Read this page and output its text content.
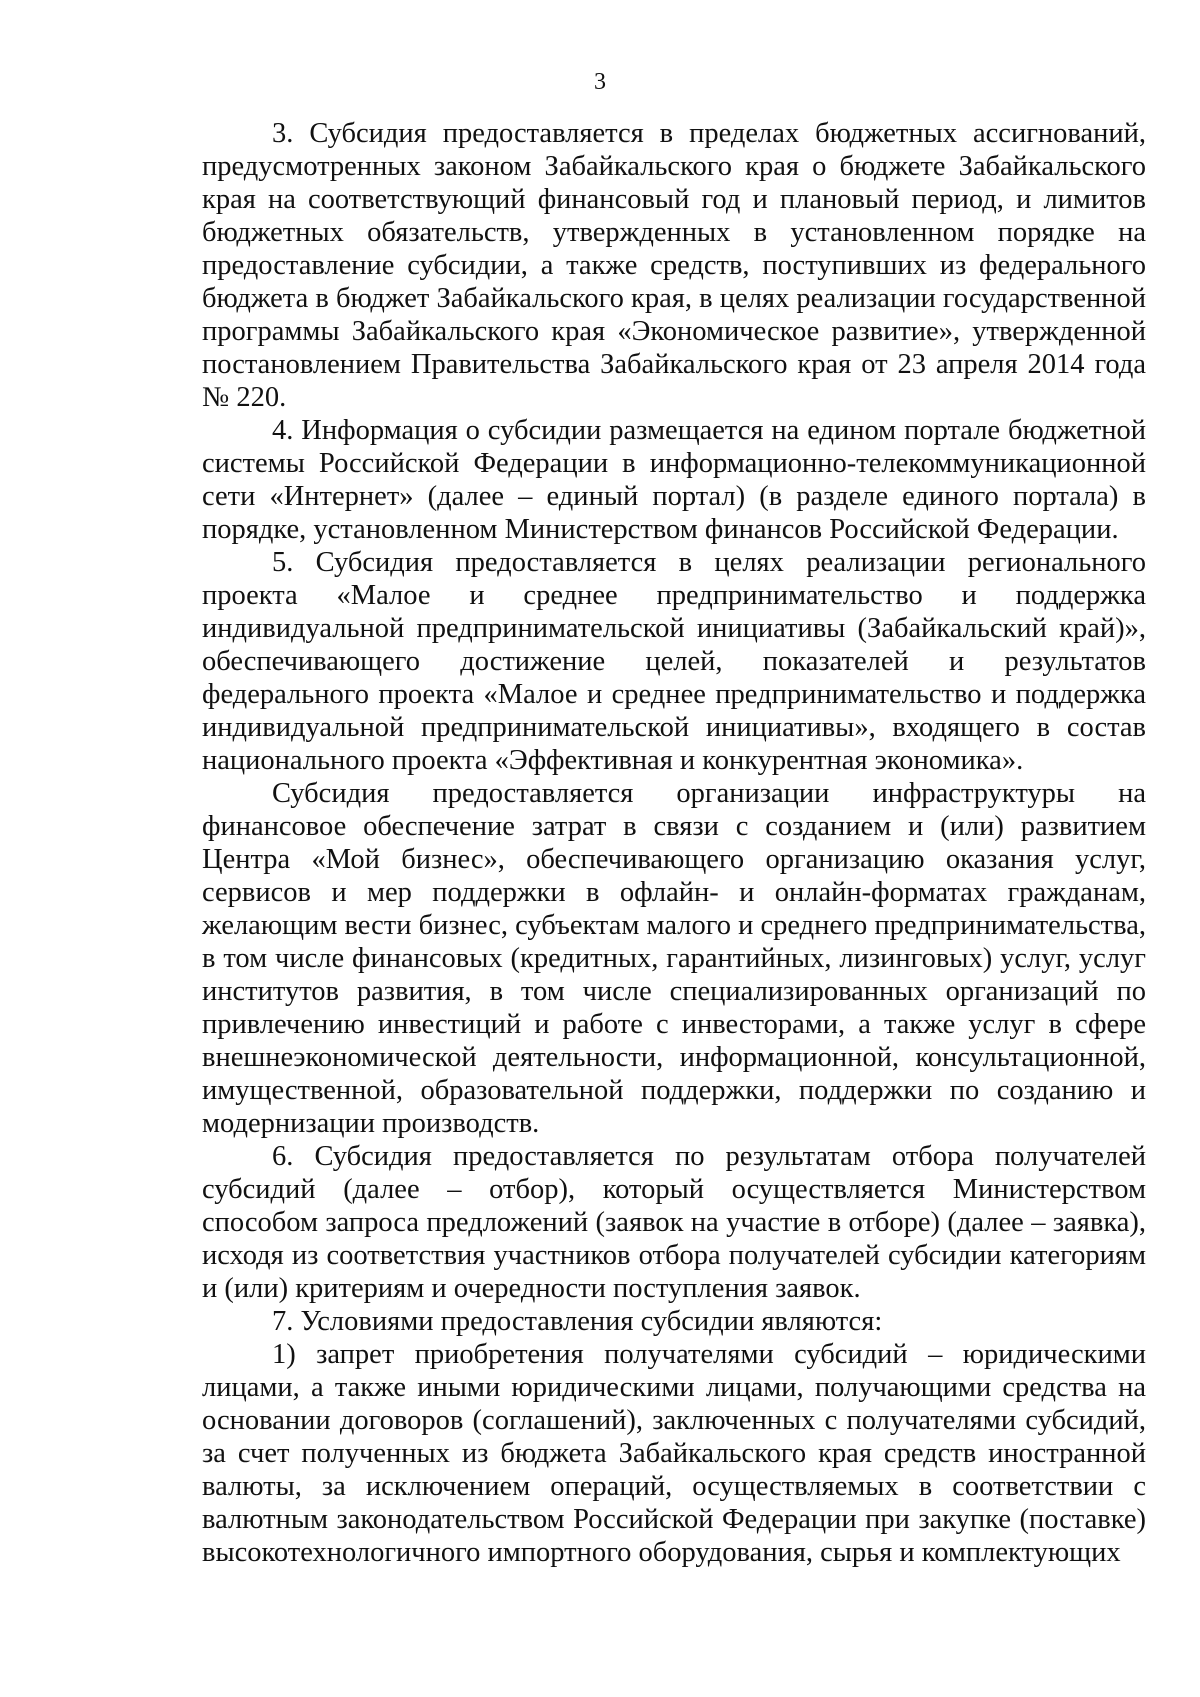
3

3. Субсидия предоставляется в пределах бюджетных ассигнований, предусмотренных законом Забайкальского края о бюджете Забайкальского края на соответствующий финансовый год и плановый период, и лимитов бюджетных обязательств, утвержденных в установленном порядке на предоставление субсидии, а также средств, поступивших из федерального бюджета в бюджет Забайкальского края, в целях реализации государственной программы Забайкальского края «Экономическое развитие», утвержденной постановлением Правительства Забайкальского края от 23 апреля 2014 года № 220.

4. Информация о субсидии размещается на едином портале бюджетной системы Российской Федерации в информационно-телекоммуникационной сети «Интернет» (далее – единый портал) (в разделе единого портала) в порядке, установленном Министерством финансов Российской Федерации.

5. Субсидия предоставляется в целях реализации регионального проекта «Малое и среднее предпринимательство и поддержка индивидуальной предпринимательской инициативы (Забайкальский край)», обеспечивающего достижение целей, показателей и результатов федерального проекта «Малое и среднее предпринимательство и поддержка индивидуальной предпринимательской инициативы», входящего в состав национального проекта «Эффективная и конкурентная экономика».

Субсидия предоставляется организации инфраструктуры на финансовое обеспечение затрат в связи с созданием и (или) развитием Центра «Мой бизнес», обеспечивающего организацию оказания услуг, сервисов и мер поддержки в офлайн- и онлайн-форматах гражданам, желающим вести бизнес, субъектам малого и среднего предпринимательства, в том числе финансовых (кредитных, гарантийных, лизинговых) услуг, услуг институтов развития, в том числе специализированных организаций по привлечению инвестиций и работе с инвесторами, а также услуг в сфере внешнеэкономической деятельности, информационной, консультационной, имущественной, образовательной поддержки, поддержки по созданию и модернизации производств.

6. Субсидия предоставляется по результатам отбора получателей субсидий (далее – отбор), который осуществляется Министерством способом запроса предложений (заявок на участие в отборе) (далее – заявка), исходя из соответствия участников отбора получателей субсидии категориям и (или) критериям и очередности поступления заявок.

7. Условиями предоставления субсидии являются:

1) запрет приобретения получателями субсидий – юридическими лицами, а также иными юридическими лицами, получающими средства на основании договоров (соглашений), заключенных с получателями субсидий, за счет полученных из бюджета Забайкальского края средств иностранной валюты, за исключением операций, осуществляемых в соответствии с валютным законодательством Российской Федерации при закупке (поставке) высокотехнологичного импортного оборудования, сырья и комплектующих
